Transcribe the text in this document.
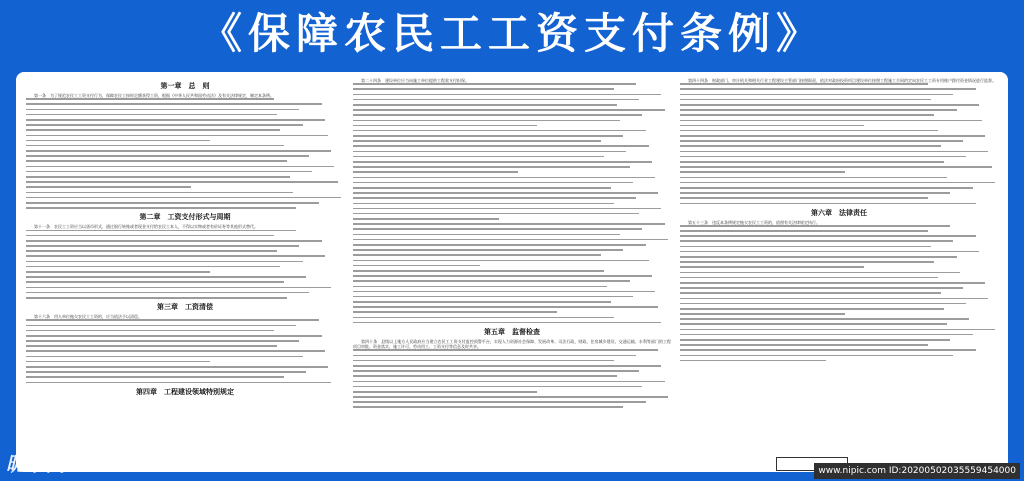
《保障农民工工资支付条例》
第一章　总　则

第一条　为了规范农民工工资支付行为，保障农民工按时足额获得工资，根据《中华人民共和国劳动法》及有关法律规定，制定本条例。

第二章　工资支付形式与周期

第十一条　农民工工资应当以货币形式，通过银行转账或者现金支付给农民工本人，不得以实物或者有价证券等其他形式替代。

第三章　工资清偿

第十六条　用人单位拖欠农民工工资的，应当依法予以清偿。

第四章　工程建设领域特别规定

第二十四条　建设单位应当向施工单位提供工程款支付担保。

第五章　监督检查

第四十条　县级以上地方人民政府应当建立农民工工资支付监控预警平台，实现人力资源社会保障、发展改革、司法行政、财政、住房城乡建设、交通运输、水利等部门的工程项目审批、资金落实、施工许可、劳动用工、工资支付等信息及时共享。

第四十四条　财政部门、审计机关和相关行业工程建设主管部门按照职责，依法对政府投资项目建设单位按照工程施工合同约定向农民工工资专用账户拨付资金情况进行监督。

第六章　法律责任

第五十三条　违反本条例规定拖欠农民工工资的，依照有关法律规定执行。

昵享网	www.nipic.com ID:20200502035559454000
